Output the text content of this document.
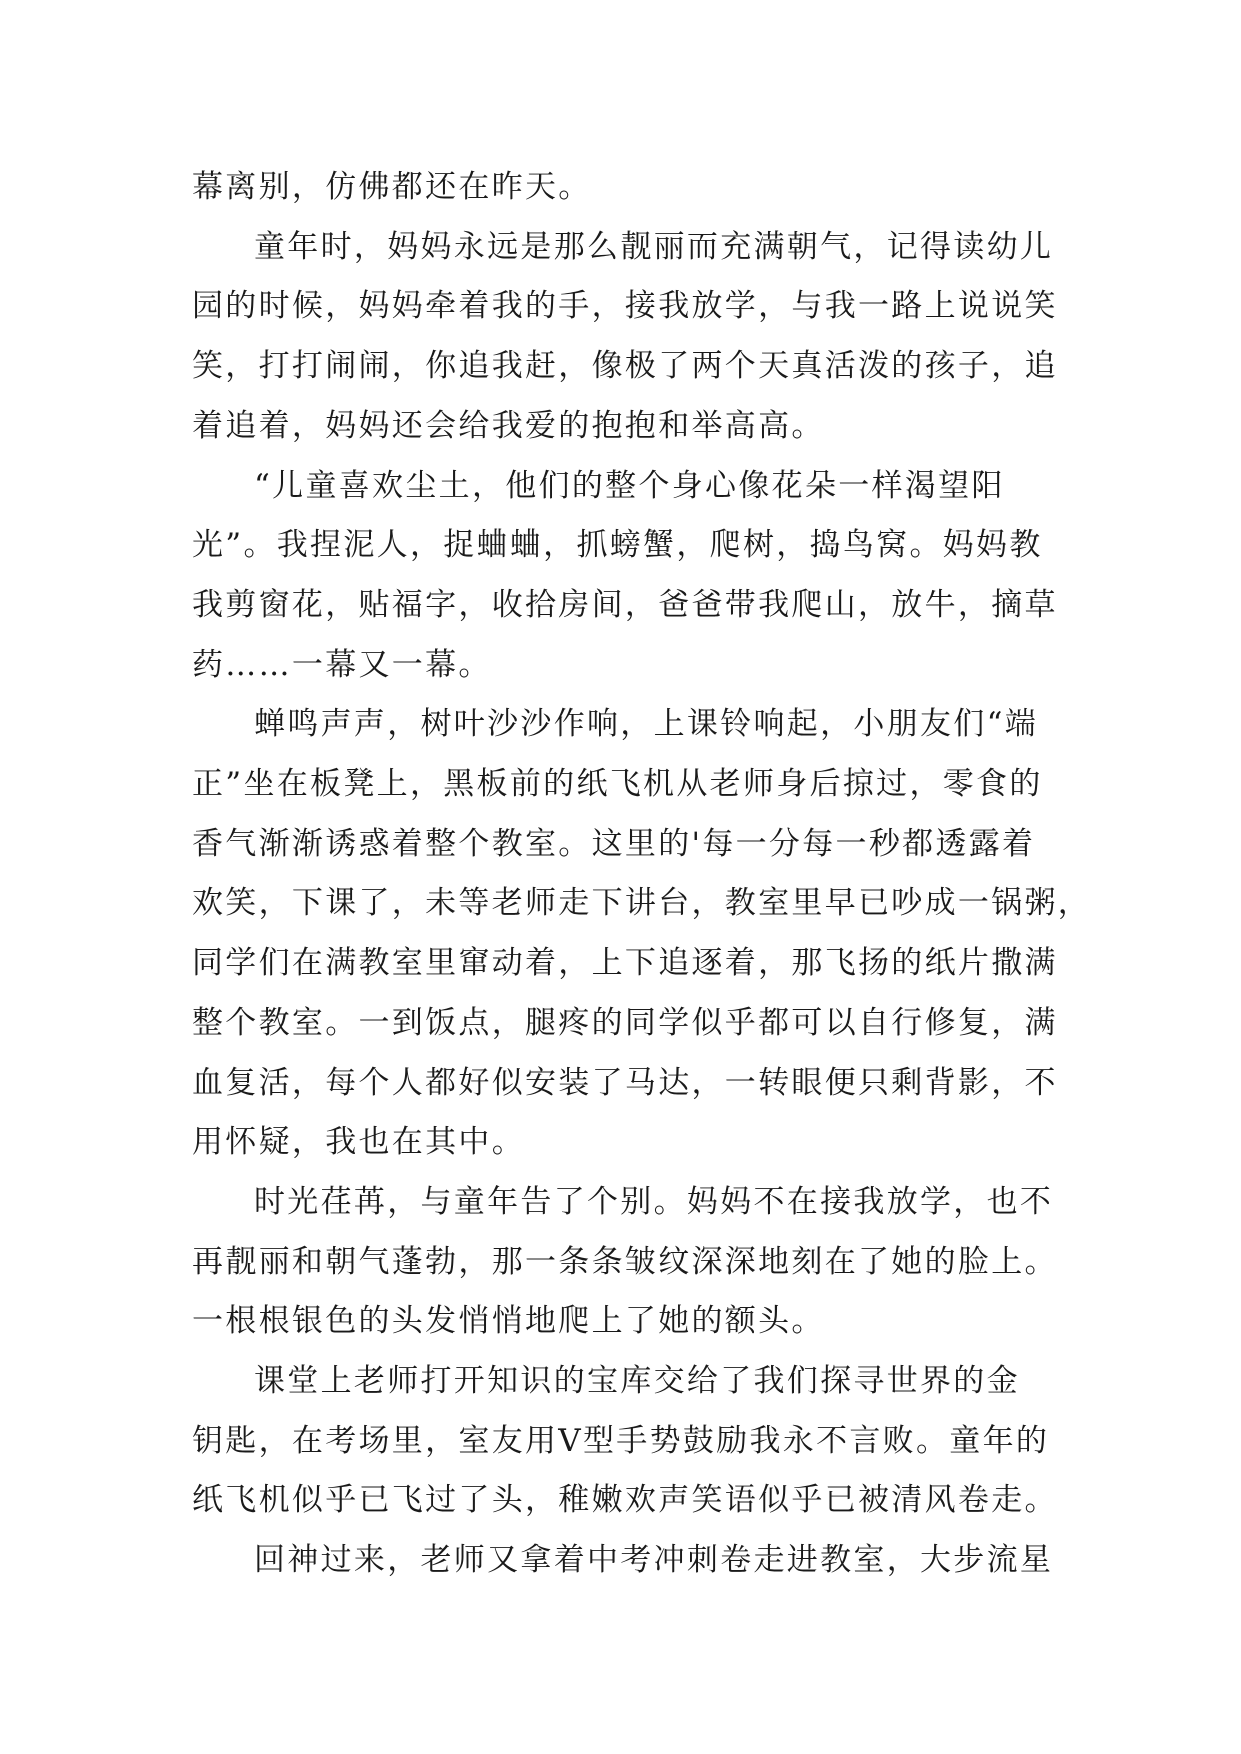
幕离别，仿佛都还在昨天。

童年时，妈妈永远是那么靓丽而充满朝气，记得读幼儿
园的时候，妈妈牵着我的手，接我放学，与我一路上说说笑
笑，打打闹闹，你追我赶，像极了两个天真活泼的孩子，追
着追着，妈妈还会给我爱的抱抱和举高高。

“儿童喜欢尘土，他们的整个身心像花朵一样渴望阳
光”。我捏泥人，捉蛐蛐，抓螃蟹，爬树，捣鸟窝。妈妈教
我剪窗花，贴福字，收拾房间，爸爸带我爬山，放牛，摘草
药……一幕又一幕。

蝉鸣声声，树叶沙沙作响，上课铃响起，小朋友们“端
正”坐在板凳上，黑板前的纸飞机从老师身后掠过，零食的
香气渐渐诱惑着整个教室。这里的'每一分每一秒都透露着
欢笑，下课了，未等老师走下讲台，教室里早已吵成一锅粥，
同学们在满教室里窜动着，上下追逐着，那飞扬的纸片撒满
整个教室。一到饭点，腿疼的同学似乎都可以自行修复，满
血复活，每个人都好似安装了马达，一转眼便只剩背影，不
用怀疑，我也在其中。

时光荏苒，与童年告了个别。妈妈不在接我放学，也不
再靓丽和朝气蓬勃，那一条条皱纹深深地刻在了她的脸上。
一根根银色的头发悄悄地爬上了她的额头。

课堂上老师打开知识的宝库交给了我们探寻世界的金
钥匙，在考场里，室友用Ⅴ型手势鼓励我永不言败。童年的
纸飞机似乎已飞过了头，稚嫩欢声笑语似乎已被清风卷走。

回神过来，老师又拿着中考冲刺卷走进教室，大步流星
